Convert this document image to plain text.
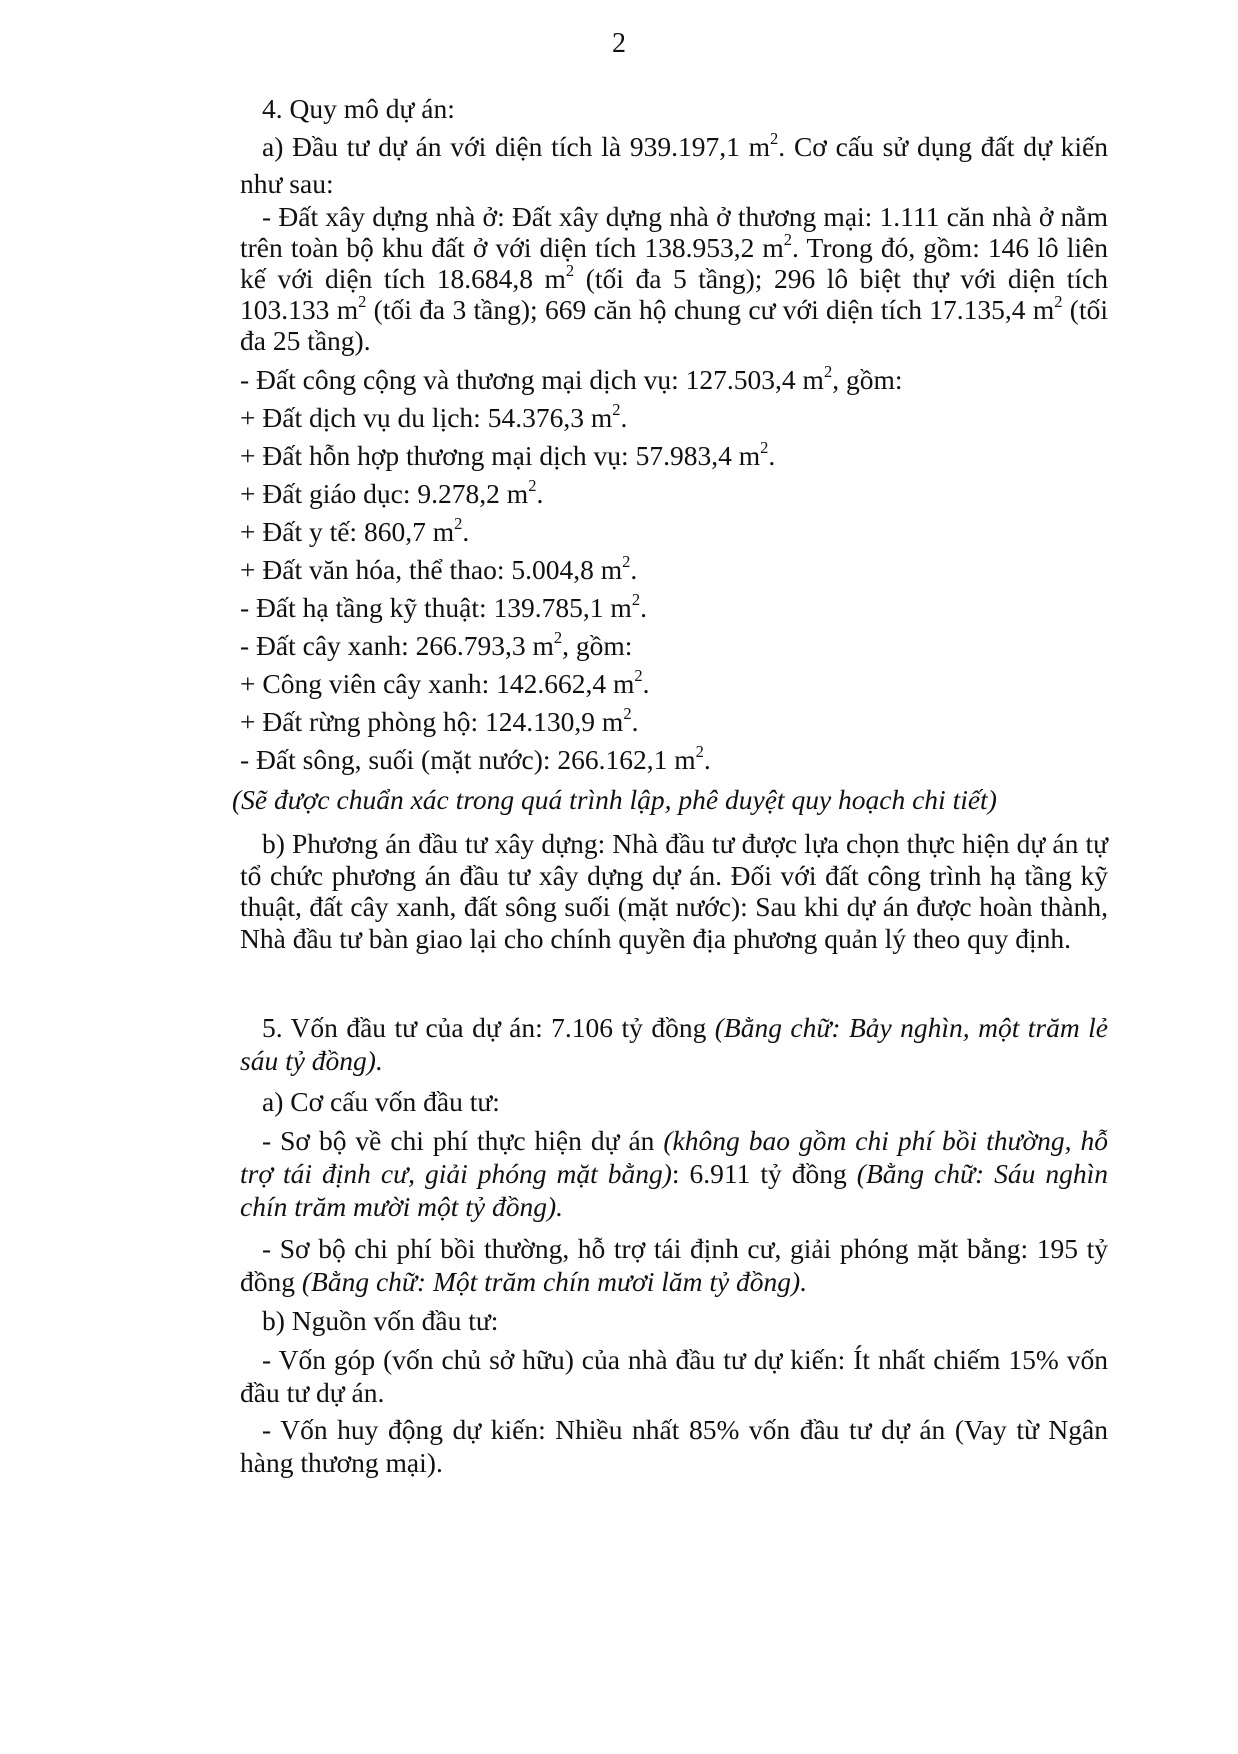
2
4. Quy mô dự án:
a) Đầu tư dự án với diện tích là 939.197,1 $m^2$. Cơ cấu sử dụng đất dự kiến như sau:
- Đất xây dựng nhà ở: Đất xây dựng nhà ở thương mại: 1.111 căn nhà ở nằm trên toàn bộ khu đất ở với diện tích 138.953,2 $m^2$. Trong đó, gồm: 146 lô liên kế với diện tích 18.684,8 $m^2$ (tối đa 5 tầng); 296 lô biệt thự với diện tích 103.133 $m^2$ (tối đa 3 tầng); 669 căn hộ chung cư với diện tích 17.135,4 $m^2$ (tối đa 25 tầng).
- Đất công cộng và thương mại dịch vụ: 127.503,4 $m^2$, gồm:
+ Đất dịch vụ du lịch: 54.376,3 $m^2$.
+ Đất hỗn hợp thương mại dịch vụ: 57.983,4 $m^2$.
+ Đất giáo dục: 9.278,2 $m^2$.
+ Đất y tế: 860,7 $m^2$.
+ Đất văn hóa, thể thao: 5.004,8 $m^2$.
- Đất hạ tầng kỹ thuật: 139.785,1 $m^2$.
- Đất cây xanh: 266.793,3 $m^2$, gồm:
+ Công viên cây xanh: 142.662,4 $m^2$.
+ Đất rừng phòng hộ: 124.130,9 $m^2$.
- Đất sông, suối (mặt nước): 266.162,1 $m^2$.
(Sẽ được chuẩn xác trong quá trình lập, phê duyệt quy hoạch chi tiết)
b) Phương án đầu tư xây dựng: Nhà đầu tư được lựa chọn thực hiện dự án tự tổ chức phương án đầu tư xây dựng dự án. Đối với đất công trình hạ tầng kỹ thuật, đất cây xanh, đất sông suối (mặt nước): Sau khi dự án được hoàn thành, Nhà đầu tư bàn giao lại cho chính quyền địa phương quản lý theo quy định.
5. Vốn đầu tư của dự án: 7.106 tỷ đồng (Bằng chữ: Bảy nghìn, một trăm lẻ sáu tỷ đồng).
a) Cơ cấu vốn đầu tư:
- Sơ bộ về chi phí thực hiện dự án (không bao gồm chi phí bồi thường, hỗ trợ tái định cư, giải phóng mặt bằng): 6.911 tỷ đồng (Bằng chữ: Sáu nghìn chín trăm mười một tỷ đồng).
- Sơ bộ chi phí bồi thường, hỗ trợ tái định cư, giải phóng mặt bằng: 195 tỷ đồng (Bằng chữ: Một trăm chín mươi lăm tỷ đồng).
b) Nguồn vốn đầu tư:
- Vốn góp (vốn chủ sở hữu) của nhà đầu tư dự kiến: Ít nhất chiếm 15% vốn đầu tư dự án.
- Vốn huy động dự kiến: Nhiều nhất 85% vốn đầu tư dự án (Vay từ Ngân hàng thương mại).
